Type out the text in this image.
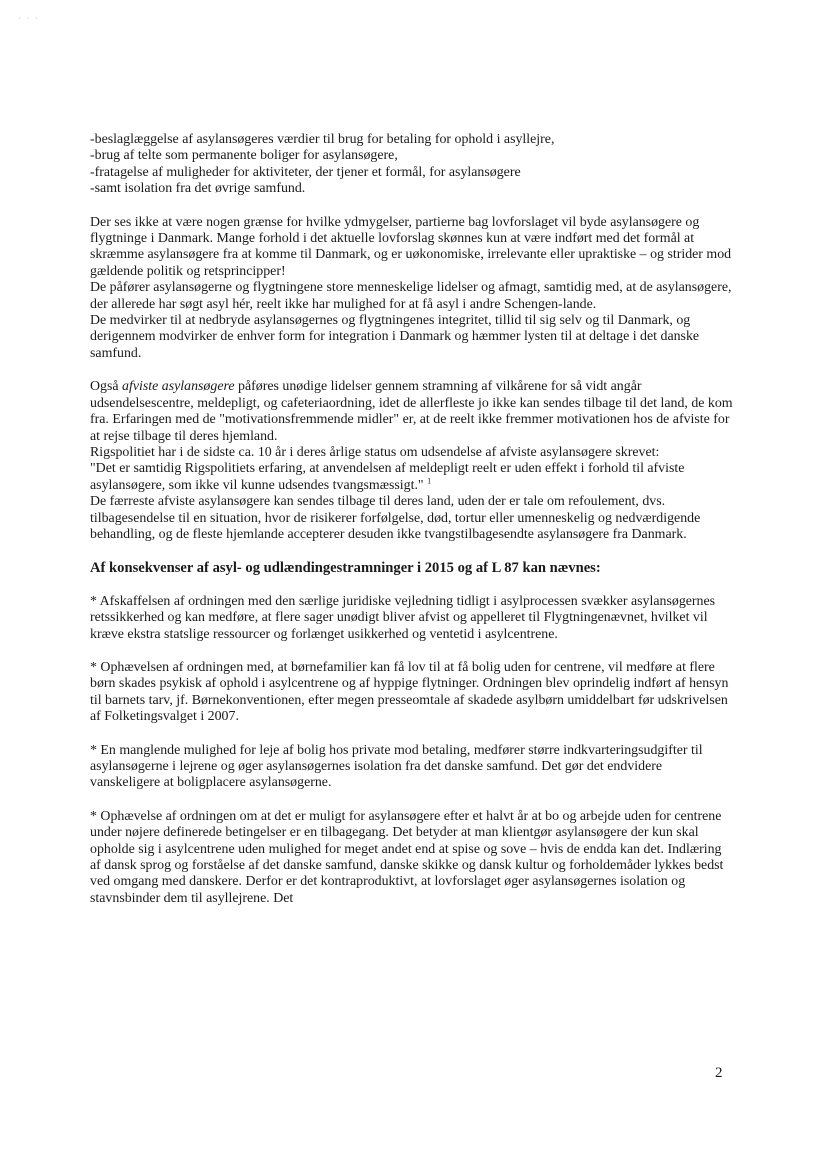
· · ·

-beslaglæggelse af asylansøgeres værdier til brug for betaling for ophold i asyllejre,

-brug af telte som permanente boliger for asylansøgere,

-fratagelse af muligheder for aktiviteter, der tjener et formål, for asylansøgere

-samt isolation fra det øvrige samfund.

Der ses ikke at være nogen grænse for hvilke ydmygelser, partierne bag lovforslaget vil byde asylansøgere og flygtninge i Danmark. Mange forhold i det aktuelle lovforslag skønnes kun at være indført med det formål at skræmme asylansøgere fra at komme til Danmark, og er uøkonomiske, irrelevante eller upraktiske – og strider mod gældende politik og retsprincipper!

De påfører asylansøgerne og flygtningene store menneskelige lidelser og afmagt, samtidig med, at de asylansøgere, der allerede har søgt asyl hér, reelt ikke har mulighed for at få asyl i andre Schengen-lande.

De medvirker til at nedbryde asylansøgernes og flygtningenes integritet, tillid til sig selv og til Danmark, og derigennem modvirker de enhver form for integration i Danmark og hæmmer lysten til at deltage i det danske samfund.

Også afviste asylansøgere påføres unødige lidelser gennem stramning af vilkårene for så vidt angår udsendelsescentre, meldepligt, og cafeteriaordning, idet de allerfleste jo ikke kan sendes tilbage til det land, de kom fra. Erfaringen med de "motivationsfremmende midler" er, at de reelt ikke fremmer motivationen hos de afviste for at rejse tilbage til deres hjemland.

Rigspolitiet har i de sidste ca. 10 år i deres årlige status om udsendelse af afviste asylansøgere skrevet:

"Det er samtidig Rigspolitiets erfaring, at anvendelsen af meldepligt reelt er uden effekt i forhold til afviste asylansøgere, som ikke vil kunne udsendes tvangsmæssigt." $^1$

De færreste afviste asylansøgere kan sendes tilbage til deres land, uden der er tale om refoulement, dvs. tilbagesendelse til en situation, hvor de risikerer forfølgelse, død, tortur eller umenneskelig og nedværdigende behandling, og de fleste hjemlande accepterer desuden ikke tvangstilbagesendte asylansøgere fra Danmark.

Af konsekvenser af asyl- og udlændingestramninger i 2015 og af L 87 kan nævnes:

* Afskaffelsen af ordningen med den særlige juridiske vejledning tidligt i asylprocessen svækker asylansøgernes retssikkerhed og kan medføre, at flere sager unødigt bliver afvist og appelleret til Flygtningenævnet, hvilket vil kræve ekstra statslige ressourcer og forlænget usikkerhed og ventetid i asylcentrene.

* Ophævelsen af ordningen med, at børnefamilier kan få lov til at få bolig uden for centrene, vil medføre at flere børn skades psykisk af ophold i asylcentrene og af hyppige flytninger. Ordningen blev oprindelig indført af hensyn til barnets tarv, jf. Børnekonventionen, efter megen presseomtale af skadede asylbørn umiddelbart før udskrivelsen af Folketingsvalget i 2007.

* En manglende mulighed for leje af bolig hos private mod betaling, medfører større indkvarteringsudgifter til asylansøgerne i lejrene og øger asylansøgernes isolation fra det danske samfund. Det gør det endvidere vanskeligere at boligplacere asylansøgerne.

* Ophævelse af ordningen om at det er muligt for asylansøgere efter et halvt år at bo og arbejde uden for centrene under nøjere definerede betingelser er en tilbagegang. Det betyder at man klientgør asylansøgere der kun skal opholde sig i asylcentrene uden mulighed for meget andet end at spise og sove – hvis de endda kan det. Indlæring af dansk sprog og forståelse af det danske samfund, danske skikke og dansk kultur og forholdemåder lykkes bedst ved omgang med danskere. Derfor er det kontraproduktivt, at lovforslaget øger asylansøgernes isolation og stavnsbinder dem til asyllejrene. Det

2
